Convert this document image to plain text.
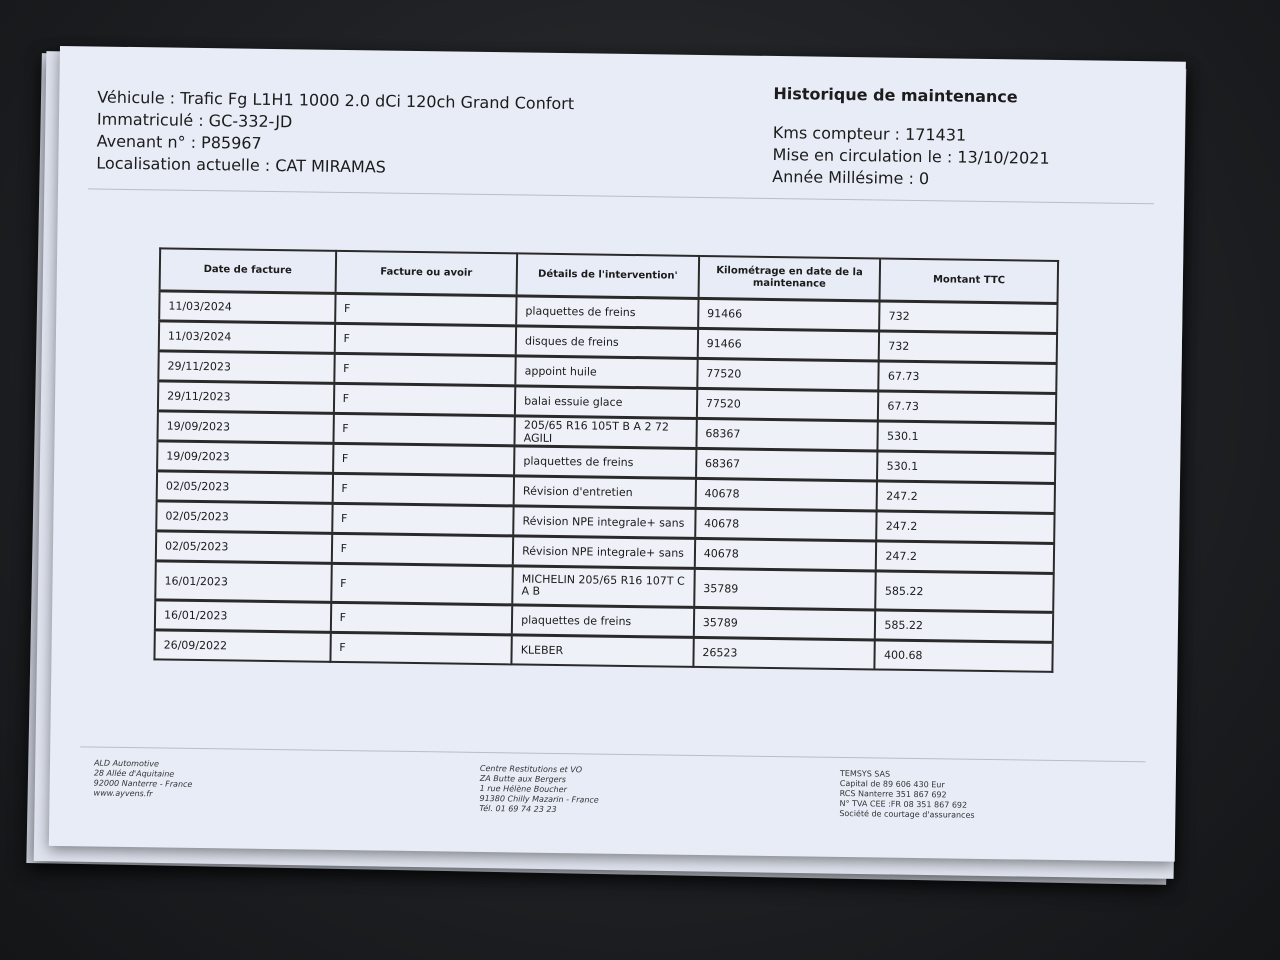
Véhicule : Trafic Fg L1H1 1000 2.0 dCi 120ch Grand Confort
Immatriculé : GC-332-JD
Avenant n° : P85967
Localisation actuelle : CAT MIRAMAS
Historique de maintenance
Kms compteur : 171431
Mise en circulation le : 13/10/2021
Année Millésime : 0
Date de facture	Facture ou avoir	Détails de l'intervention'	Kilométrage en date de la maintenance	Montant TTC
11/03/2024	F	plaquettes de freins	91466	732
11/03/2024	F	disques de freins	91466	732
29/11/2023	F	appoint huile	77520	67.73
29/11/2023	F	balai essuie glace	77520	67.73
19/09/2023	F	205/65 R16 105T B A 2 72 AGILI	68367	530.1
19/09/2023	F	plaquettes de freins	68367	530.1
02/05/2023	F	Révision d'entretien	40678	247.2
02/05/2023	F	Révision NPE integrale+ sans	40678	247.2
02/05/2023	F	Révision NPE integrale+ sans	40678	247.2
16/01/2023	F	MICHELIN 205/65 R16 107T C A B	35789	585.22
16/01/2023	F	plaquettes de freins	35789	585.22
26/09/2022	F	KLEBER	26523	400.68
ALD Automotive
28 Allée d'Aquitaine
92000 Nanterre - France
www.ayvens.fr
Centre Restitutions et VO
ZA Butte aux Bergers
1 rue Hélène Boucher
91380 Chilly Mazarin - France
Tél. 01 69 74 23 23
TEMSYS SAS
Capital de 89 606 430 Eur
RCS Nanterre 351 867 692
N° TVA CEE :FR 08 351 867 692
Société de courtage d'assurances
